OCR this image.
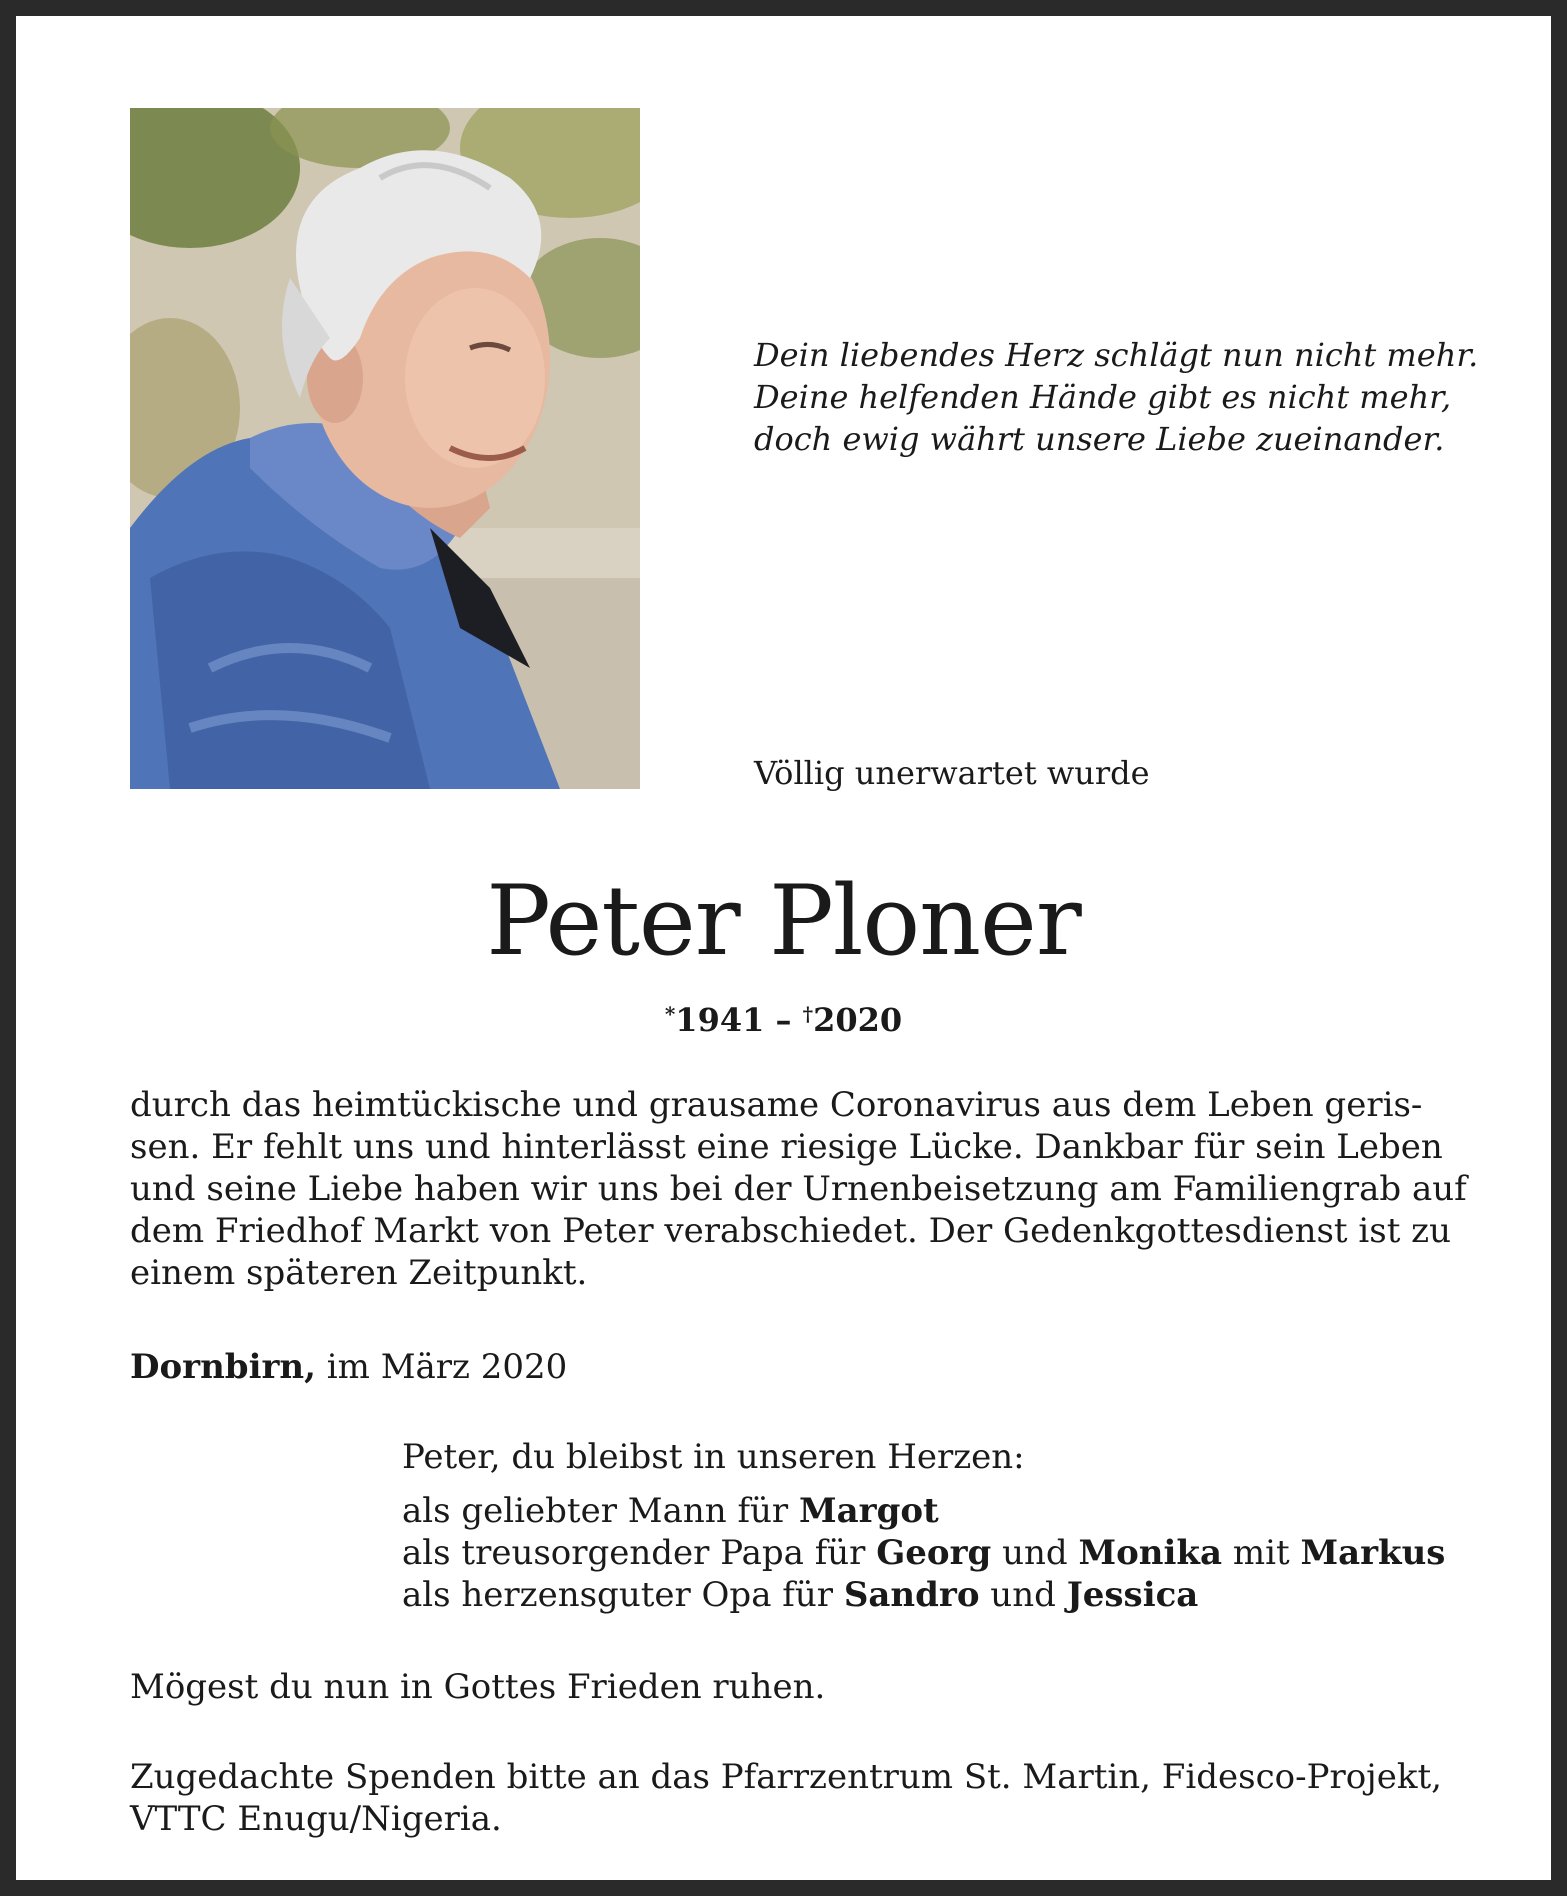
Dein liebendes Herz schlägt nun nicht mehr.
Deine helfenden Hände gibt es nicht mehr,
doch ewig währt unsere Liebe zueinander.

Völlig unerwartet wurde

Peter Ploner

*1941 – †2020

durch das heimtückische und grausame Coronavirus aus dem Leben geris-
sen. Er fehlt uns und hinterlässt eine riesige Lücke. Dankbar für sein Leben
und seine Liebe haben wir uns bei der Urnenbeisetzung am Familiengrab auf
dem Friedhof Markt von Peter verabschiedet. Der Gedenkgottesdienst ist zu
einem späteren Zeitpunkt.

Dornbirn, im März 2020

Peter, du bleibst in unseren Herzen:
als geliebter Mann für Margot
als treusorgender Papa für Georg und Monika mit Markus
als herzensguter Opa für Sandro und Jessica

Mögest du nun in Gottes Frieden ruhen.

Zugedachte Spenden bitte an das Pfarrzentrum St. Martin, Fidesco-Projekt,
VTTC Enugu/Nigeria.
